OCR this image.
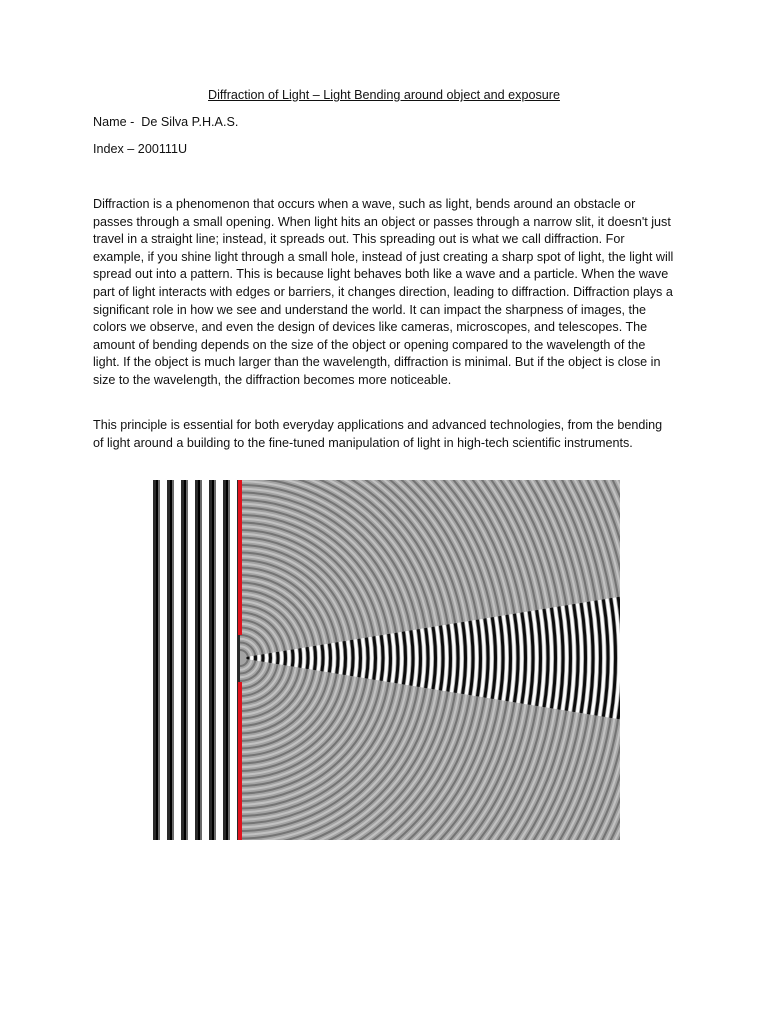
Diffraction of Light – Light Bending around object and exposure
Name -  De Silva P.H.A.S.
Index – 200111U

Diffraction is a phenomenon that occurs when a wave, such as light, bends around an obstacle or passes through a small opening. When light hits an object or passes through a narrow slit, it doesn't just travel in a straight line; instead, it spreads out. This spreading out is what we call diffraction. For example, if you shine light through a small hole, instead of just creating a sharp spot of light, the light will spread out into a pattern. This is because light behaves both like a wave and a particle. When the wave part of light interacts with edges or barriers, it changes direction, leading to diffraction. Diffraction plays a significant role in how we see and understand the world. It can impact the sharpness of images, the colors we observe, and even the design of devices like cameras, microscopes, and telescopes. The amount of bending depends on the size of the object or opening compared to the wavelength of the light. If the object is much larger than the wavelength, diffraction is minimal. But if the object is close in size to the wavelength, the diffraction becomes more noticeable.

This principle is essential for both everyday applications and advanced technologies, from the bending of light around a building to the fine-tuned manipulation of light in high-tech scientific instruments.
